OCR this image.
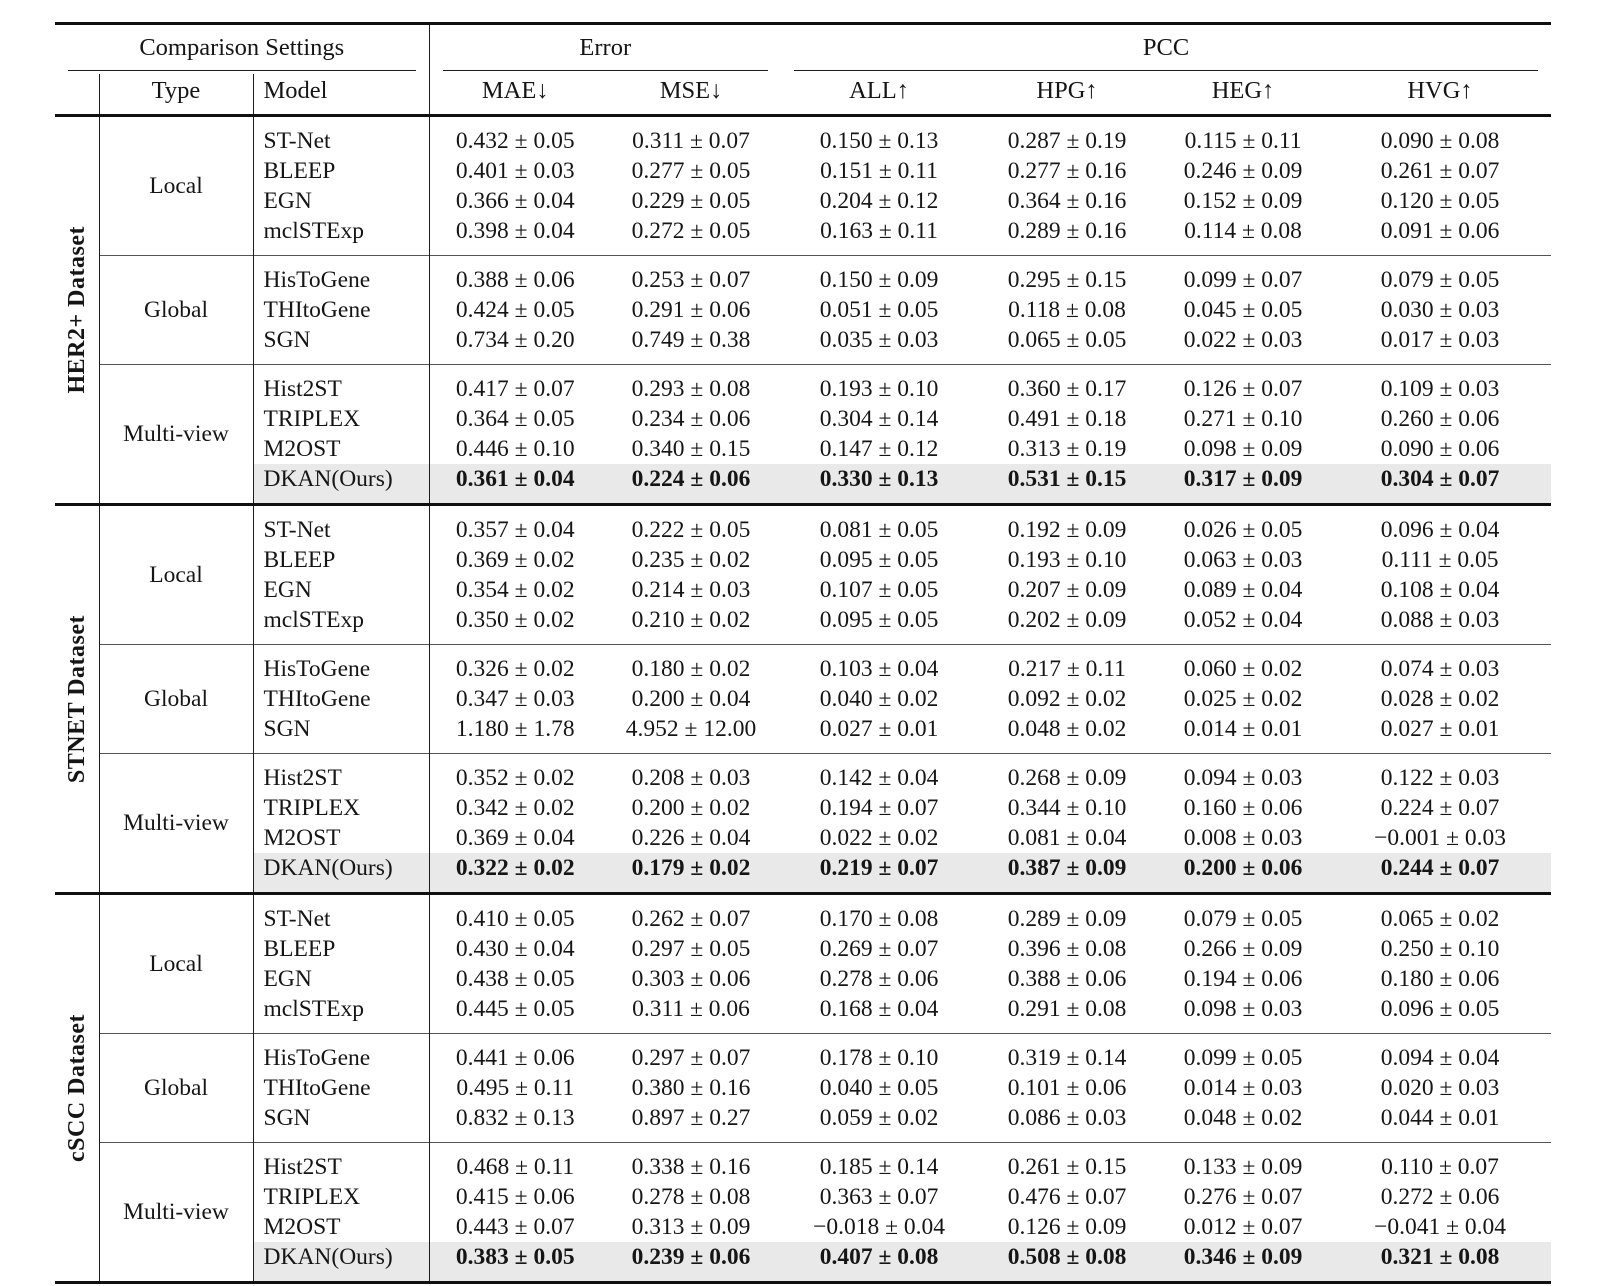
Comparison Settings			Error		PCC			

	Type	Model	MAE↓	MSE↓	ALL↑	HPG↑	HEG↑	HVG↑

HER2+ Dataset	Local	ST-Net	0.432 ± 0.05	0.311 ± 0.07	0.150 ± 0.13	0.287 ± 0.19	0.115 ± 0.11	0.090 ± 0.08
		BLEEP	0.401 ± 0.03	0.277 ± 0.05	0.151 ± 0.11	0.277 ± 0.16	0.246 ± 0.09	0.261 ± 0.07
		EGN	0.366 ± 0.04	0.229 ± 0.05	0.204 ± 0.12	0.364 ± 0.16	0.152 ± 0.09	0.120 ± 0.05
		mclSTExp	0.398 ± 0.04	0.272 ± 0.05	0.163 ± 0.11	0.289 ± 0.16	0.114 ± 0.08	0.091 ± 0.06
	Global	HisToGene	0.388 ± 0.06	0.253 ± 0.07	0.150 ± 0.09	0.295 ± 0.15	0.099 ± 0.07	0.079 ± 0.05
		THItoGene	0.424 ± 0.05	0.291 ± 0.06	0.051 ± 0.05	0.118 ± 0.08	0.045 ± 0.05	0.030 ± 0.03
		SGN	0.734 ± 0.20	0.749 ± 0.38	0.035 ± 0.03	0.065 ± 0.05	0.022 ± 0.03	0.017 ± 0.03
	Multi-view	Hist2ST	0.417 ± 0.07	0.293 ± 0.08	0.193 ± 0.10	0.360 ± 0.17	0.126 ± 0.07	0.109 ± 0.03
		TRIPLEX	0.364 ± 0.05	0.234 ± 0.06	0.304 ± 0.14	0.491 ± 0.18	0.271 ± 0.10	0.260 ± 0.06
		M2OST	0.446 ± 0.10	0.340 ± 0.15	0.147 ± 0.12	0.313 ± 0.19	0.098 ± 0.09	0.090 ± 0.06
		DKAN(Ours)	0.361 ± 0.04	0.224 ± 0.06	0.330 ± 0.13	0.531 ± 0.15	0.317 ± 0.09	0.304 ± 0.07

STNET Dataset	Local	ST-Net	0.357 ± 0.04	0.222 ± 0.05	0.081 ± 0.05	0.192 ± 0.09	0.026 ± 0.05	0.096 ± 0.04
		BLEEP	0.369 ± 0.02	0.235 ± 0.02	0.095 ± 0.05	0.193 ± 0.10	0.063 ± 0.03	0.111 ± 0.05
		EGN	0.354 ± 0.02	0.214 ± 0.03	0.107 ± 0.05	0.207 ± 0.09	0.089 ± 0.04	0.108 ± 0.04
		mclSTExp	0.350 ± 0.02	0.210 ± 0.02	0.095 ± 0.05	0.202 ± 0.09	0.052 ± 0.04	0.088 ± 0.03
	Global	HisToGene	0.326 ± 0.02	0.180 ± 0.02	0.103 ± 0.04	0.217 ± 0.11	0.060 ± 0.02	0.074 ± 0.03
		THItoGene	0.347 ± 0.03	0.200 ± 0.04	0.040 ± 0.02	0.092 ± 0.02	0.025 ± 0.02	0.028 ± 0.02
		SGN	1.180 ± 1.78	4.952 ± 12.00	0.027 ± 0.01	0.048 ± 0.02	0.014 ± 0.01	0.027 ± 0.01
	Multi-view	Hist2ST	0.352 ± 0.02	0.208 ± 0.03	0.142 ± 0.04	0.268 ± 0.09	0.094 ± 0.03	0.122 ± 0.03
		TRIPLEX	0.342 ± 0.02	0.200 ± 0.02	0.194 ± 0.07	0.344 ± 0.10	0.160 ± 0.06	0.224 ± 0.07
		M2OST	0.369 ± 0.04	0.226 ± 0.04	0.022 ± 0.02	0.081 ± 0.04	0.008 ± 0.03	−0.001 ± 0.03
		DKAN(Ours)	0.322 ± 0.02	0.179 ± 0.02	0.219 ± 0.07	0.387 ± 0.09	0.200 ± 0.06	0.244 ± 0.07

cSCC Dataset	Local	ST-Net	0.410 ± 0.05	0.262 ± 0.07	0.170 ± 0.08	0.289 ± 0.09	0.079 ± 0.05	0.065 ± 0.02
		BLEEP	0.430 ± 0.04	0.297 ± 0.05	0.269 ± 0.07	0.396 ± 0.08	0.266 ± 0.09	0.250 ± 0.10
		EGN	0.438 ± 0.05	0.303 ± 0.06	0.278 ± 0.06	0.388 ± 0.06	0.194 ± 0.06	0.180 ± 0.06
		mclSTExp	0.445 ± 0.05	0.311 ± 0.06	0.168 ± 0.04	0.291 ± 0.08	0.098 ± 0.03	0.096 ± 0.05
	Global	HisToGene	0.441 ± 0.06	0.297 ± 0.07	0.178 ± 0.10	0.319 ± 0.14	0.099 ± 0.05	0.094 ± 0.04
		THItoGene	0.495 ± 0.11	0.380 ± 0.16	0.040 ± 0.05	0.101 ± 0.06	0.014 ± 0.03	0.020 ± 0.03
		SGN	0.832 ± 0.13	0.897 ± 0.27	0.059 ± 0.02	0.086 ± 0.03	0.048 ± 0.02	0.044 ± 0.01
	Multi-view	Hist2ST	0.468 ± 0.11	0.338 ± 0.16	0.185 ± 0.14	0.261 ± 0.15	0.133 ± 0.09	0.110 ± 0.07
		TRIPLEX	0.415 ± 0.06	0.278 ± 0.08	0.363 ± 0.07	0.476 ± 0.07	0.276 ± 0.07	0.272 ± 0.06
		M2OST	0.443 ± 0.07	0.313 ± 0.09	−0.018 ± 0.04	0.126 ± 0.09	0.012 ± 0.07	−0.041 ± 0.04
		DKAN(Ours)	0.383 ± 0.05	0.239 ± 0.06	0.407 ± 0.08	0.508 ± 0.08	0.346 ± 0.09	0.321 ± 0.08
